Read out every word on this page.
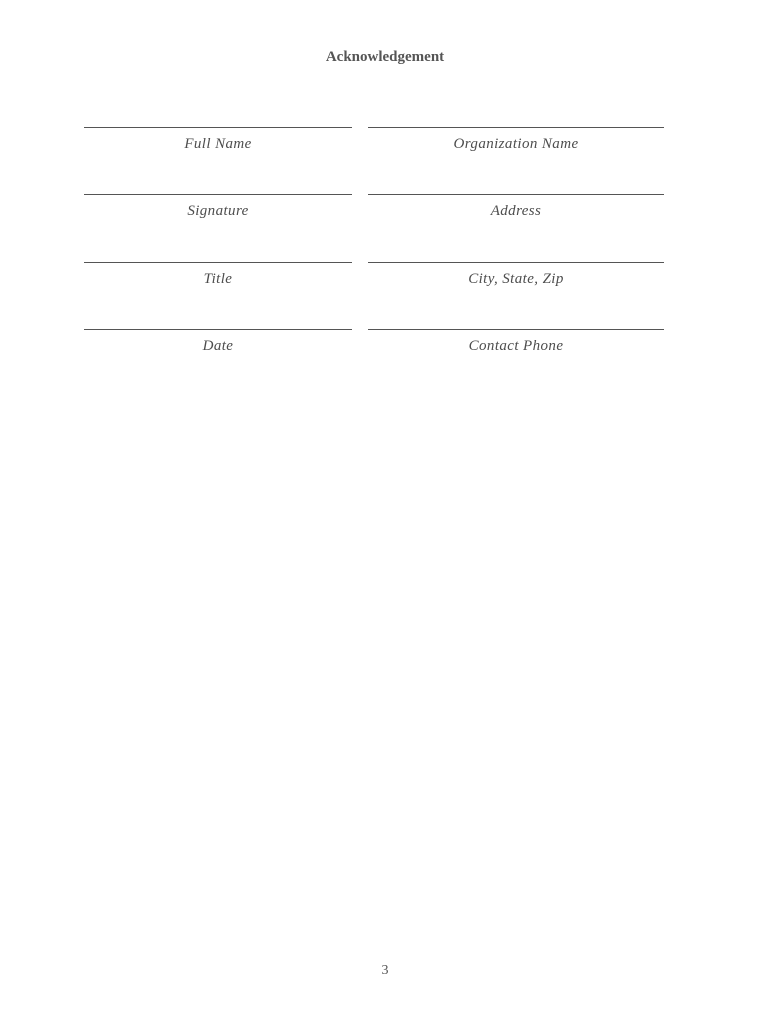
Acknowledgement
Full Name	Organization Name
Signature	Address
Title	City, State, Zip
Date	Contact Phone
3
